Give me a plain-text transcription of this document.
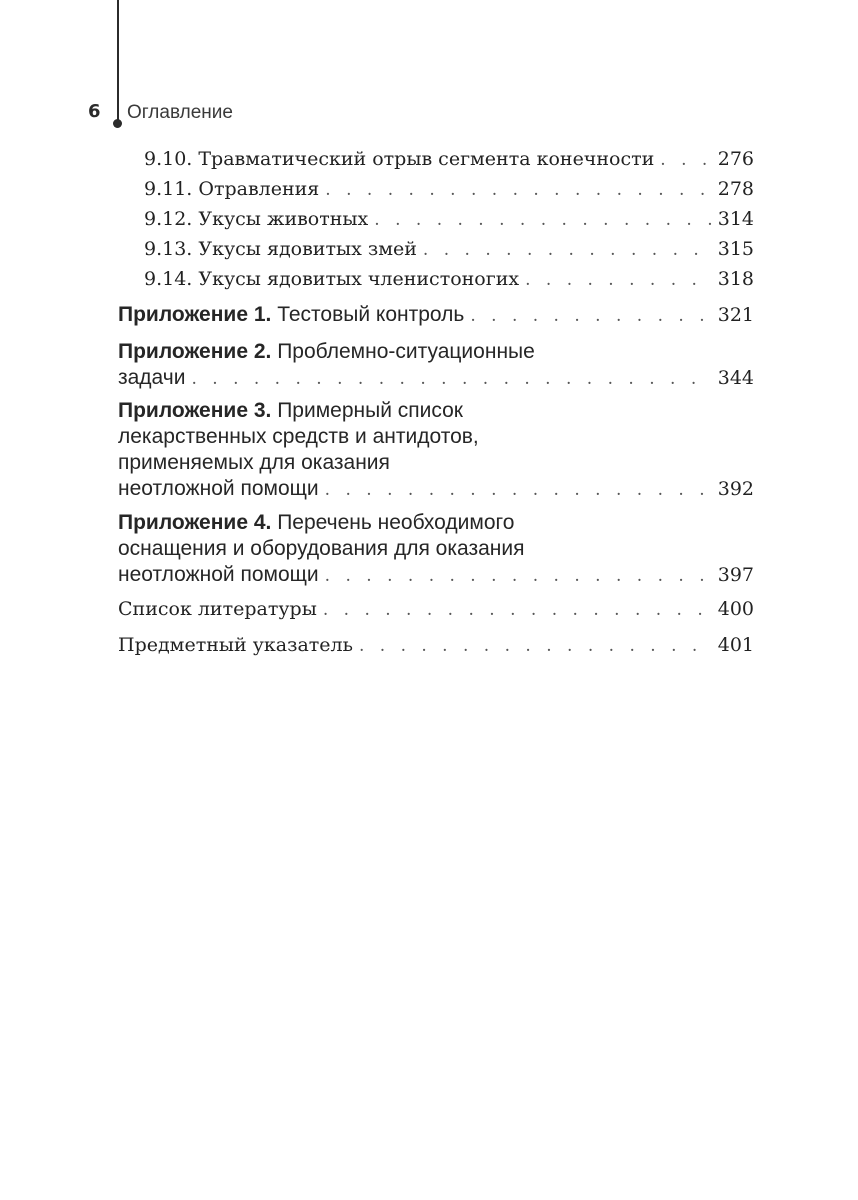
6 Оглавление
9.10. Травматический отрыв сегмента конечности . . .	276
9.11. Отравления . . .	278
9.12. Укусы животных . . .	314
9.13. Укусы ядовитых змей . . .	315
9.14. Укусы ядовитых членистоногих . . .	318
Приложение 1. Тестовый контроль . . .	321
Приложение 2. Проблемно-ситуационные
задачи . . .	344
Приложение 3. Примерный список
лекарственных средств и антидотов,
применяемых для оказания
неотложной помощи . . .	392
Приложение 4. Перечень необходимого
оснащения и оборудования для оказания
неотложной помощи . . .	397
Список литературы . . .	400
Предметный указатель . . .	401
